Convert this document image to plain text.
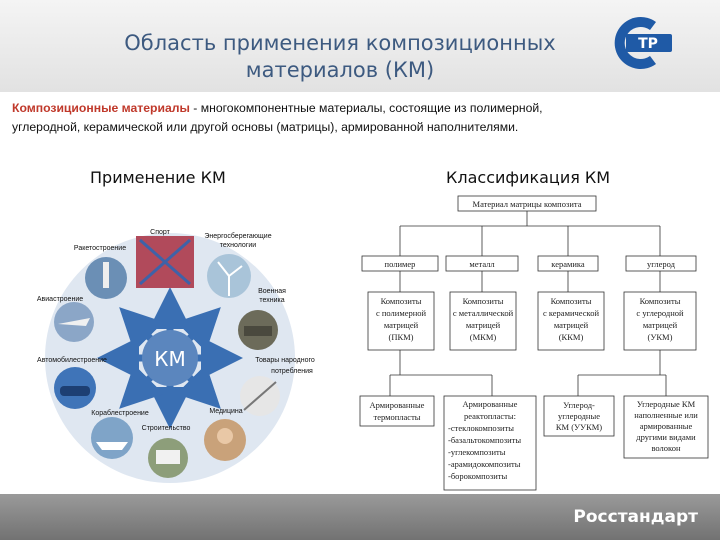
Область применения композиционных
материалов (КМ)
ТР
Композиционные материалы - многокомпонентные материалы, состоящие из полимерной,
углеродной, керамической или другой основы (матрицы), армированной наполнителями.
Применение КМ	Классификация КМ
КМ
Спорт
Энергосберегающие
технологии
Ракетостроение
Военная
техника
Авиастроение
Товары народного
потребления
Автомобилестроение
Кораблестроение
Строительство
Медицина
Материал матрицы композита
полимер	металл	керамика	углерод
Композиты
с полимерной
матрицей
(ПКМ)
Композиты
с металлической
матрицей
(МКМ)
Композиты
с керамической
матрицей
(ККМ)
Композиты
с углеродной
матрицей
(УКМ)
Армированные
термопласты
Армированные
реактопласты:
-стеклокомпозиты
-базальтокомпозиты
-углекомпозиты
-арамидокомпозиты
-борокомпозиты
Углерод-
углеродные
КМ (УУКМ)
Углеродные КМ
наполненные или
армированные
другими видами
волокон
Росстандарт
